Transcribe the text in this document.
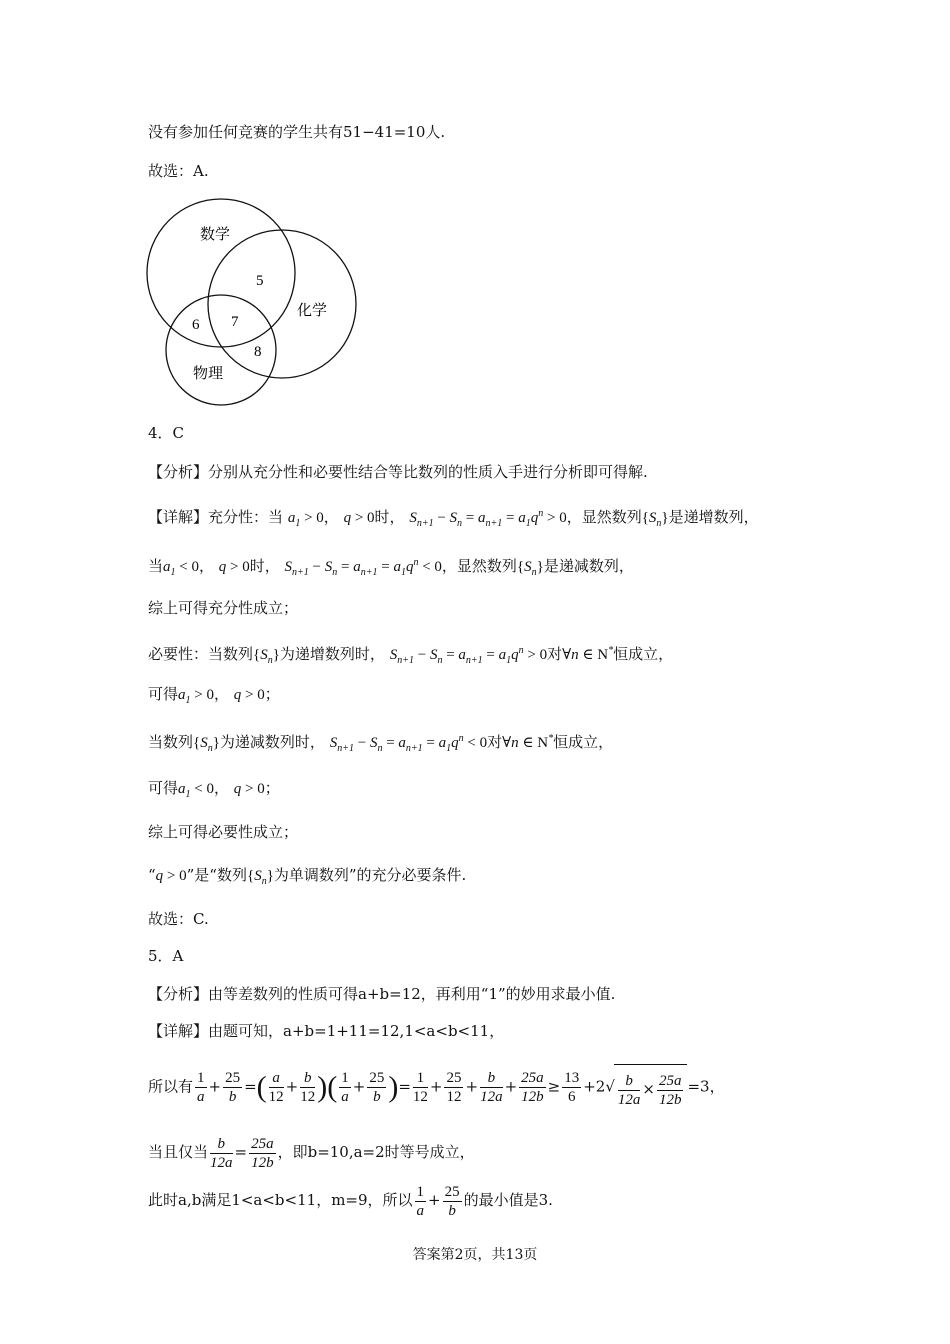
没有参加任何竞赛的学生共有51−41=10人.
故选：A.
数学
化学
物理
5
6 7
8
4．C
【分析】分别从充分性和必要性结合等比数列的性质入手进行分析即可得解.
【详解】充分性：当 $a_1 > 0$， q > 0时， $S_{n+1} - S_n = a_{n+1} = a_1q^n > 0$，显然数列$\{S_n\}$是递增数列，
当$a_1 < 0$， q > 0时， $S_{n+1} - S_n = a_{n+1} = a_1q^n < 0$，显然数列$\{S_n\}$是递减数列，
综上可得充分性成立；
必要性：当数列$\{S_n\}$为递增数列时， $S_{n+1} - S_n = a_{n+1} = a_1q^n > 0$对∀n ∈ N*恒成立，
可得$a_1 > 0$， q > 0；
当数列$\{S_n\}$为递减数列时， $S_{n+1} - S_n = a_{n+1} = a_1q^n < 0$对∀n ∈ N*恒成立，
可得$a_1 < 0$， q > 0；
综上可得必要性成立；
“q > 0”是“数列$\{S_n\}$为单调数列”的充分必要条件.
故选：C.
5．A
【分析】由等差数列的性质可得a+b=12，再利用“1”的妙用求最小值.
【详解】由题可知，a+b=1+11=12,1<a<b<11，
所以有 $\frac{1}{a} + \frac{25}{b}$ =( $\frac{a}{12} + \frac{b}{12}$ )( $\frac{1}{a} + \frac{25}{b}$ )= $\frac{1}{12} + \frac{25}{12} + \frac{b}{12a} + \frac{25a}{12b} \ge \frac{13}{6} +2√ \frac{b}{12a} \times \frac{25a}{12b} =3$，
当且仅当 $\frac{b}{12a} = \frac{25a}{12b}$ ，即b=10,a=2时等号成立，
此时a,b满足1<a<b<11，m=9，所以 $\frac{1}{a} + \frac{25}{b}$ 的最小值是3.
答案第2页，共13页
